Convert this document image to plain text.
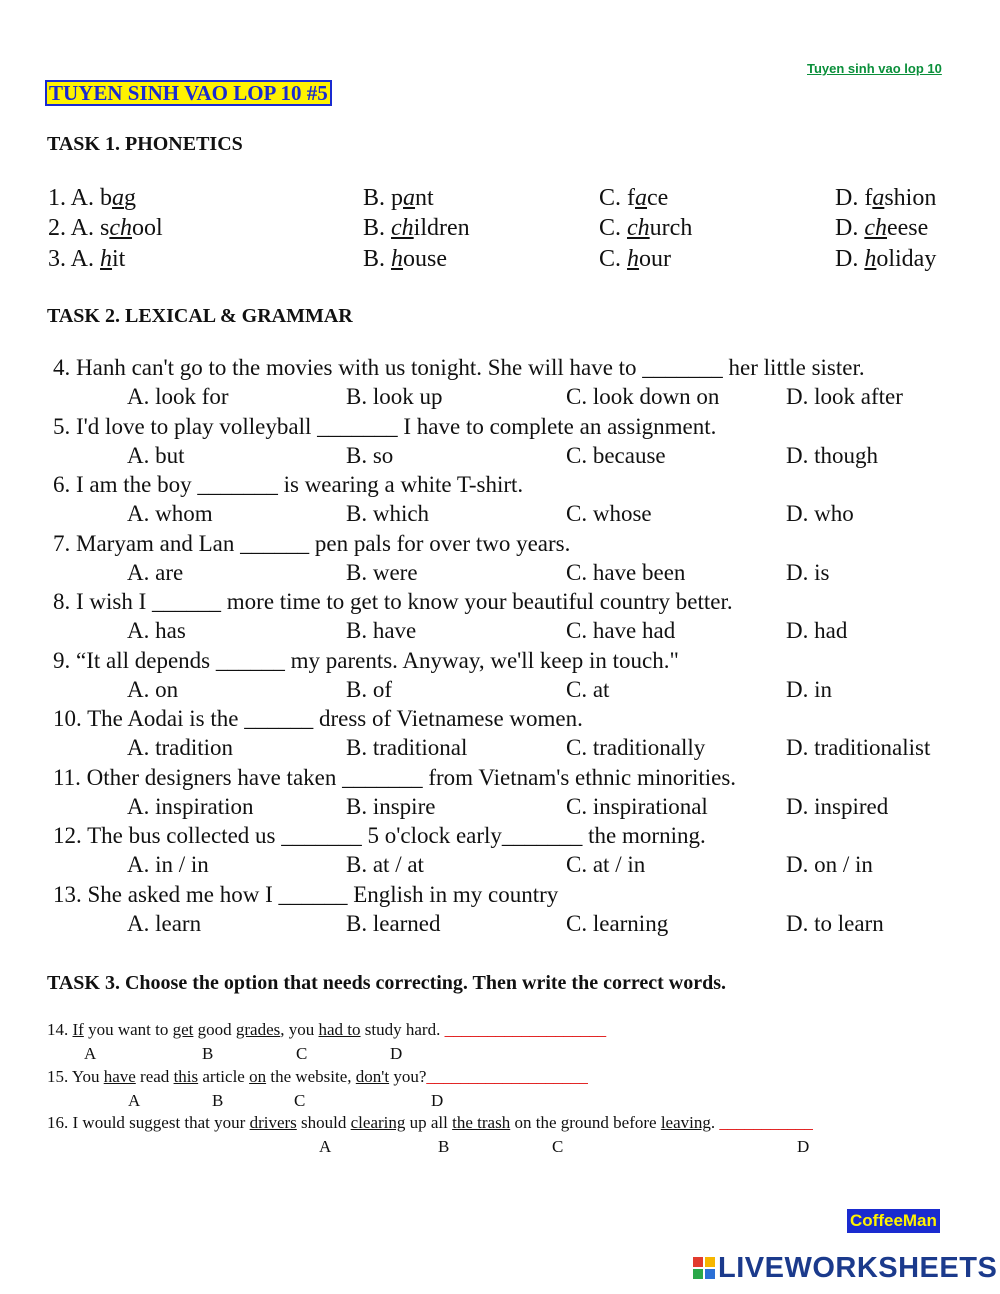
Tuyen sinh vao lop 10
TUYEN SINH VAO LOP 10 #5
TASK 1. PHONETICS
1. A. bag	B. pant	C. face	D. fashion
2. A. school	B. children	C. church	D. cheese
3. A. hit	B. house	C. hour	D. holiday
TASK 2. LEXICAL & GRAMMAR
4. Hanh can't go to the movies with us tonight. She will have to _______ her little sister.
A. look for	B. look up	C. look down on	D. look after
5. I'd love to play volleyball _______ I have to complete an assignment.
A. but	B. so	C. because	D. though
6. I am the boy _______ is wearing a white T-shirt.
A. whom	B. which	C. whose	D. who
7. Maryam and Lan ______ pen pals for over two years.
A. are	B. were	C. have been	D. is
8. I wish I ______ more time to get to know your beautiful country better.
A. has	B. have	C. have had	D. had
9. “It all depends ______ my parents. Anyway, we'll keep in touch."
A. on	B. of	C. at	D. in
10. The Aodai is the ______ dress of Vietnamese women.
A. tradition	B. traditional	C. traditionally	D. traditionalist
11. Other designers have taken _______ from Vietnam's ethnic minorities.
A. inspiration	B. inspire	C. inspirational	D. inspired
12. The bus collected us _______ 5 o'clock early_______ the morning.
A. in / in	B. at / at	C. at / in	D. on / in
13. She asked me how I ______ English in my country
A. learn	B. learned	C. learning	D. to learn
TASK 3. Choose the option that needs correcting. Then write the correct words.
14. If you want to get good grades, you had to study hard. ___________________
A	B	C	D
15. You have read this article on the website, don't you?___________________
A	B	C	D
16. I would suggest that your drivers should clearing up all the trash on the ground before leaving. ___________
A	B	C	D
CoffeeMan
LIVEWORKSHEETS
